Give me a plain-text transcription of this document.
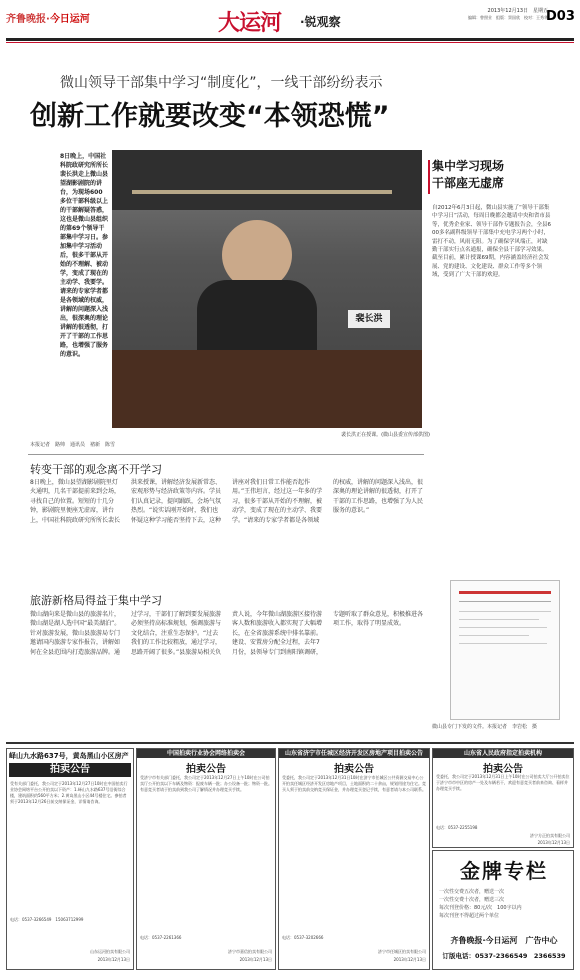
齐鲁晚报·今日运河	大运河 ·锐观察
2013年12月13日　星期五
编辑：曾照业　组版：窦国欣　校对：王秀华
D03
微山领导干部集中学习“制度化”，一线干部纷纷表示
创新工作就要改变“本领恐慌”
8日晚上，中国社科院政研究所所长裴长洪走上微山县望湖影剧院的讲台，为现场600多位干部科级以上的干部解疑答惑，这也是微山县组织的第69个领导干部集中学习日。参加集中学习活动后，很多干部从开始的不理解、被动学，变成了现在的主动学、我要学。请来的专家学者都是各领域的权威，讲解的问题深入浅出，很深奥的理论讲解的很透彻，打开了干部的工作思路，也增强了服务的意识。
裴长洪
裴长洪正在授课。(微山县委宣传部供图)
本报记者　路帅　通讯员　褚新　陈雪
集中学习现场
干部座无虚席
自2012年6月3日起，微山县实施了“领导干部集中学习日”活动，每周日晚都会邀请中央和省市县等，优秀企业家、领导干部作专题报告会，全县600多名副科级领导干部集中充电学习两个小时，雷打不动，风雨无阻。为了确保学风端正，对缺勤干部实行点名通报，确保全县干部学习效果。截至目前，累计授课69期，内容涵盖经济社会发展、党的建设、文化建设、群众工作等多个领域，受到了广大干部的欢迎。
微山县专门下发的文件。本报记者　李岩松　摄
转变干部的观念离不开学习
8日晚上，微山县望湖影剧院里灯火通明，几名干部提前来到会场，寻找自己的位置。短短的十几分钟，影剧院里便座无虚席，讲台上，中国社科院政研究所所长裴长洪来授课，讲解经济发展新常态、宏观形势与经济政策等内容。学员们认真记录，提问踊跃，会场气氛热烈。“说实话刚开始时，我们也怀疑这种学习能否坚持下去，这种讲座对我们日常工作能否起作用。”王伟坦言，经过这一年多的学习，很多干部从开始的不理解，被动学，变成了现在的主动学、我要学。“请来的专家学者都是各领域的权威，讲解的问题深入浅出，很深奥的理论讲解的很透彻，打开了干部的工作思路，也增强了为人民服务的意识。”
旅游新格局得益于集中学习
微山湖向来是微山县的旅游名片，微山湖是湖人选中国“最美湖泊”。针对旅游发展，微山县旅游局专门邀请国内旅游专家作报告，讲解如何在全县范围内打造旅游品牌。通过学习，干部们了解到要发展旅游必须坚持高标准规划，强调旅游与文化结合，注重生态保护。“过去我们的工作比较粗放，通过学习，思路开阔了很多。”县旅游局相关负责人说，今年微山湖旅游区接待游客人数和旅游收入都实现了大幅增长，在全省旅游系统中排名靠前。建设、安置房分配全过程，去年7月份，县领导专门到南阳镇调研，专题听取了群众意见，积极推进各项工作，取得了明显成效。
峄山九水路637号，黄岛黑山小区房产
拍卖公告
受有关部门委托，我公司定于2013年12月27日10时在中国拍卖行业协会网络平台公开拍卖以下资产：1.峄山九水路637号沿街综合楼，建筑面积约560平方米；2.黄岛黑山小区44号楼住宅。参拍者须于2013年12月26日前交纳保证金，详情请咨询。
电话：0537-3266549　15063712999
山东运河拍卖有限公司
2013年12月13日
中国拍卖行业协会网络拍卖会
拍卖公告
受济宁市有关部门委托，我公司定于2013年12月27日上午10时在公司拍卖厅公开拍卖以下车辆及物资：报废车辆一批；办公设备一批；物资一批。有意竞买者请于拍卖前到我公司了解情况并办理竞买手续。
电话：0537-2261366
济宁市嘉信拍卖有限公司
2013年12月13日
山东省济宁市任城区经济开发区房地产项目拍卖公告
拍卖公告
受委托，我公司定于2013年12月31日10时在济宁市任城区公共资源交易中心公开拍卖任城区经济开发区房地产项目，土地面积约二十余亩，规划用途为住宅。竞买人须于拍卖前交纳竞买保证金，并办理竞买登记手续，有意者请与本公司联系。
电话：0537-3202666
济宁市任城区拍卖有限公司
2013年12月13日
山东省人民政府指定拍卖机构
拍卖公告
受委托，我公司定于2013年12月31日上午10时在公司拍卖大厅公开拍卖位于济宁市市中区的房产一处及车辆若干，欢迎有意竞买者前来咨询、看样并办理竞买手续。
电话：0537-2255198
济宁方正拍卖有限公司
2013年12月13日
金牌专栏
一次性交费五次者，赠送一次
一次性交费十次者，赠送三次
每次刊登价格：80元/次　100字以内
每次刊登不得超过两个单位
齐鲁晚报·今日运河　广告中心
订版电话：0537-2366549　2366539
